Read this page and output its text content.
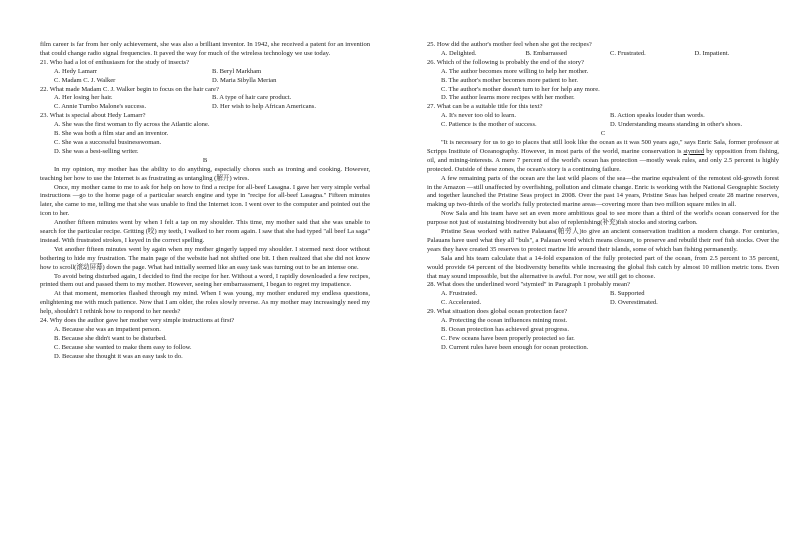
film career is far from her only achievement, she was also a brilliant inventor. In 1942, she received a patent for an invention that could change radio signal frequencies. It paved the way for much of the wireless technology we use today.

21. Who had a lot of enthusiasm for the study of insects?

A. Hedy Lamarr	B. Beryl Markham
C. Madam C. J. Walker	D. Maria Sibylla Merian

22. What made Madam C. J. Walker begin to focus on the hair care?

A. Her losing her hair.	B. A type of hair care product.
C. Annie Turnbo Malone's success.	D. Her wish to help African Americans.

23. What is special about Hedy Lamarr?

A. She was the first woman to fly across the Atlantic alone.
B. She was both a film star and an inventor.
C. She was a successful businesswoman.
D. She was a best-selling writer.

B

In my opinion, my mother has the ability to do anything, especially chores such as ironing and cooking. However, teaching her how to use the Internet is as frustrating as untangling (解开) wires.

Once, my mother came to me to ask for help on how to find a recipe for all-beef Lasagna. I gave her very simple verbal instructions —go to the home page of a particular search engine and type in "recipe for all-beef Lasagna." Fifteen minutes later, she came to me, telling me that she was unable to find the Internet icon. I went over to the computer and pointed out the icon to her.

Another fifteen minutes went by when I felt a tap on my shoulder. This time, my mother said that she was unable to search for the particular recipe. Gritting (咬) my teeth, I walked to her room again. I saw that she had typed "all beef La saga" instead. With frustrated strokes, I keyed in the correct spelling.

Yet another fifteen minutes went by again when my mother gingerly tapped my shoulder. I stormed next door without bothering to hide my frustration. The main page of the website had not shifted one bit. I then realized that she did not know how to scroll(滚动屏幕) down the page. What had initially seemed like an easy task was turning out to be an intense one.

To avoid being disturbed again, I decided to find the recipe for her. Without a word, I rapidly downloaded a few recipes, printed them out and passed them to my mother. However, seeing her embarrassment, I began to regret my impatience.

At that moment, memories flashed through my mind. When I was young, my mother endured my endless questions, enlightening me with much patience. Now that I am older, the roles slowly reverse. As my mother may increasingly need my help, shouldn't I rethink how to respond to her needs?

24. Why does the author gave her mother very simple instructions at first?

A. Because she was an impatient person.
B. Because she didn't want to be disturbed.
C. Because she wanted to make them easy to follow.
D. Because she thought it was an easy task to do.

25. How did the author's mother feel when she got the recipes?

A. Delighted.	B. Embarrassed	C. Frustrated.	D. Impatient.

26. Which of the following is probably the end of the story?

A. The author becomes more willing to help her mother.
B. The author's mother becomes more patient to her.
C. The author's mother doesn't turn to her for help any more.
D. The author learns more recipes with her mother.

27. What can be a suitable title for this text?

A. It's never too old to learn.	B. Action speaks louder than words.
C. Patience is the mother of success.	D. Understanding means standing in other's shoes.

C

"It is necessary for us to go to places that still look like the ocean as it was 500 years ago," says Enric Sala, former professor at Scripps Institute of Oceanography. However, in most parts of the world, marine conservation is stymied by opposition from fishing, oil, and mining-interests. A mere 7 percent of the world's ocean has protection —mostly weak rules, and only 2.5 percent is highly protected. Outside of these zones, the ocean's story is a continuing failure.

A few remaining parts of the ocean are the last wild places of the sea—the marine equivalent of the remotest old-growth forest in the Amazon —still unaffected by overfishing, pollution and climate change. Enric is working with the National Geographic Society and together launched the Pristine Seas project in 2008. Over the past 14 years, Pristine Seas has helped create 28 marine reserves, making up two-thirds of the world's fully protected marine areas—covering more than two million square miles in all.

Now Sala and his team have set an even more ambitious goal to see more than a third of the world's ocean conserved for the purpose not just of sustaining biodiversity but also of replenishing(补充)fish stocks and storing carbon.

Pristine Seas worked with native Palauans(帕劳人)to give an ancient conservation tradition a modern change. For centuries, Palauans have used what they all "buls", a Palauan word which means closure, to preserve and rebuild their reef fish stocks. Over the years they have created 35 reserves to protect marine life around their islands, some of which ban fishing permanently.

Sala and his team calculate that a 14-fold expansion of the fully protected part of the ocean, from 2.5 percent to 35 percent, would provide 64 percent of the biodiversity benefits while increasing the global fish catch by almost 10 million metric tons. Even that may sound impossible, but the alternative is awful. For now, we still get to choose.

28. What does the underlined word "stymied" in Paragraph 1 probably mean?

A. Frustrated.	B. Supported
C. Accelerated.	D. Overestimated.

29. What situation does global ocean protection face?

A. Protecting the ocean influences mining most.
B. Ocean protection has achieved great progress.
C. Few oceans have been properly protected so far.
D. Current rules have been enough for ocean protection.
